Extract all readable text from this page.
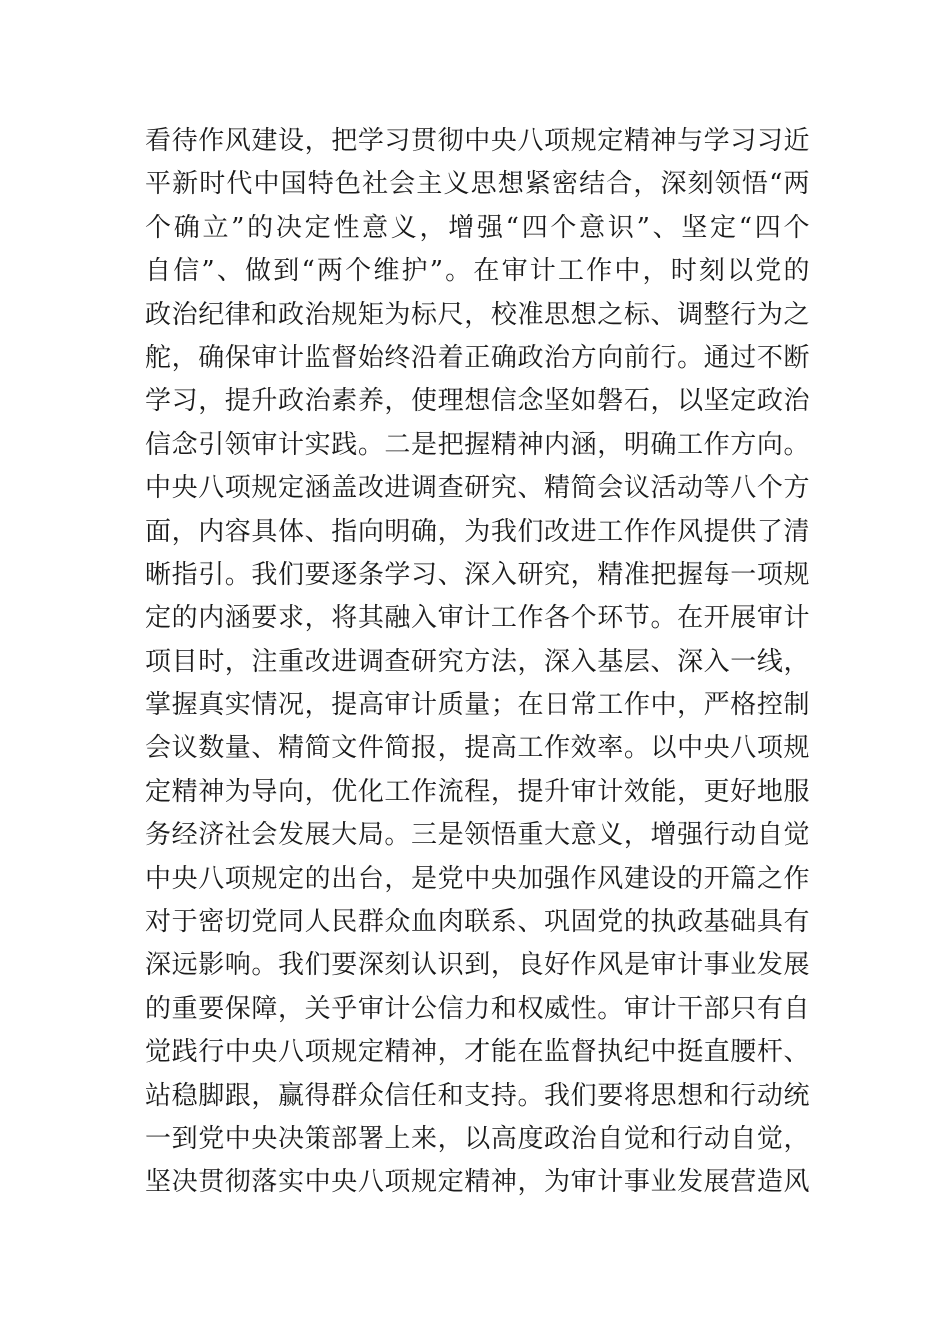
看待作风建设，把学习贯彻中央八项规定精神与学习习近
平新时代中国特色社会主义思想紧密结合，深刻领悟“两
个确立”的决定性意义，增强“四个意识”、坚定“四个
自信”、做到“两个维护”。在审计工作中，时刻以党的
政治纪律和政治规矩为标尺，校准思想之标、调整行为之
舵，确保审计监督始终沿着正确政治方向前行。通过不断
学习，提升政治素养，使理想信念坚如磐石，以坚定政治
信念引领审计实践。二是把握精神内涵，明确工作方向。
中央八项规定涵盖改进调查研究、精简会议活动等八个方
面，内容具体、指向明确，为我们改进工作作风提供了清
晰指引。我们要逐条学习、深入研究，精准把握每一项规
定的内涵要求，将其融入审计工作各个环节。在开展审计
项目时，注重改进调查研究方法，深入基层、深入一线，
掌握真实情况，提高审计质量；在日常工作中，严格控制
会议数量、精简文件简报，提高工作效率。以中央八项规
定精神为导向，优化工作流程，提升审计效能，更好地服
务经济社会发展大局。三是领悟重大意义，增强行动自觉
中央八项规定的出台，是党中央加强作风建设的开篇之作
对于密切党同人民群众血肉联系、巩固党的执政基础具有
深远影响。我们要深刻认识到，良好作风是审计事业发展
的重要保障，关乎审计公信力和权威性。审计干部只有自
觉践行中央八项规定精神，才能在监督执纪中挺直腰杆、
站稳脚跟，赢得群众信任和支持。我们要将思想和行动统
一到党中央决策部署上来，以高度政治自觉和行动自觉，
坚决贯彻落实中央八项规定精神，为审计事业发展营造风
